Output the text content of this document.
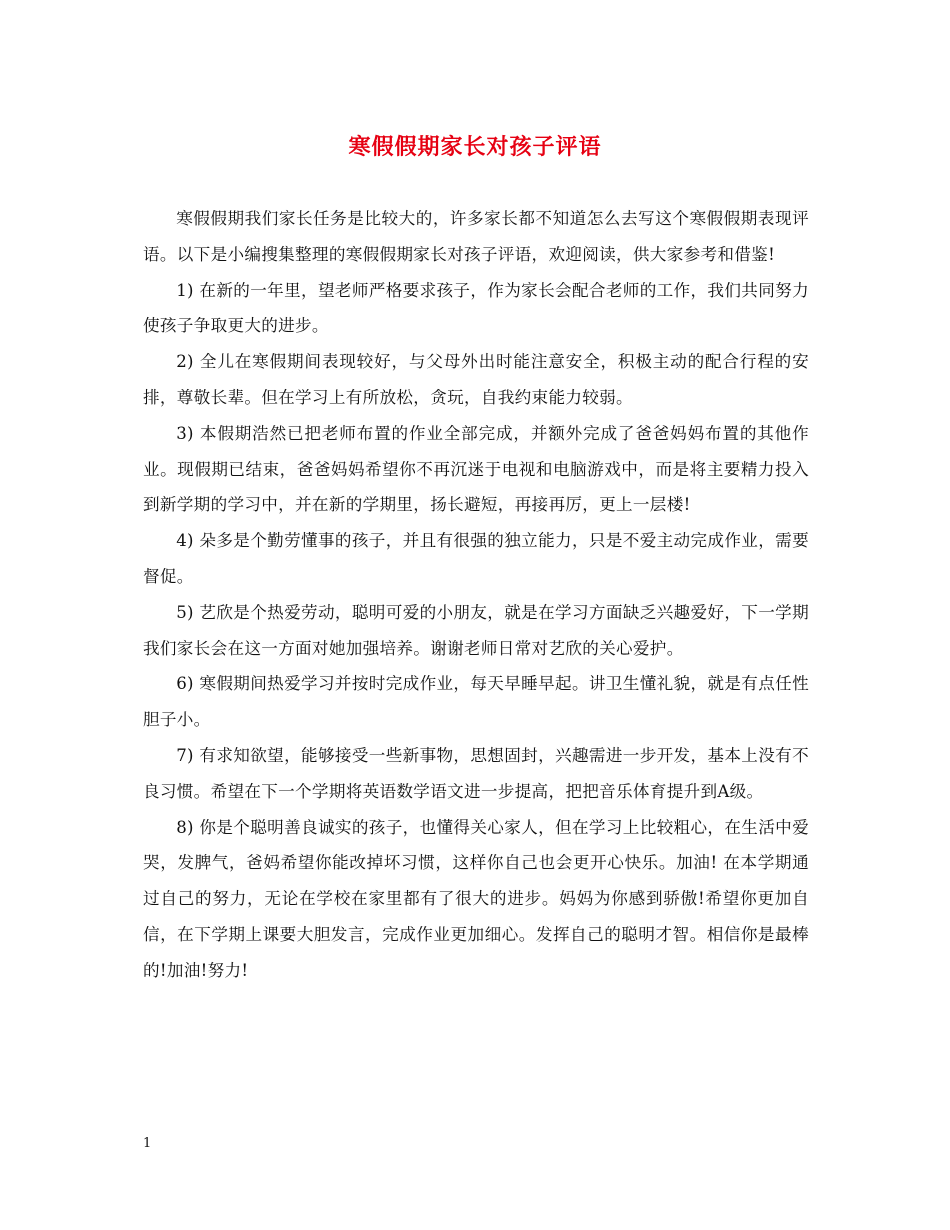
寒假假期家长对孩子评语

寒假假期我们家长任务是比较大的，许多家长都不知道怎么去写这个寒假假期表现评语。以下是小编搜集整理的寒假假期家长对孩子评语，欢迎阅读，供大家参考和借鉴!

1) 在新的一年里，望老师严格要求孩子，作为家长会配合老师的工作，我们共同努力使孩子争取更大的进步。

2) 全儿在寒假期间表现较好，与父母外出时能注意安全，积极主动的配合行程的安排，尊敬长辈。但在学习上有所放松，贪玩，自我约束能力较弱。

3) 本假期浩然已把老师布置的作业全部完成，并额外完成了爸爸妈妈布置的其他作业。现假期已结束，爸爸妈妈希望你不再沉迷于电视和电脑游戏中，而是将主要精力投入到新学期的学习中，并在新的学期里，扬长避短，再接再厉，更上一层楼!

4) 朵多是个勤劳懂事的孩子，并且有很强的独立能力，只是不爱主动完成作业，需要督促。

5) 艺欣是个热爱劳动，聪明可爱的小朋友，就是在学习方面缺乏兴趣爱好，下一学期我们家长会在这一方面对她加强培养。谢谢老师日常对艺欣的关心爱护。

6) 寒假期间热爱学习并按时完成作业，每天早睡早起。讲卫生懂礼貌，就是有点任性胆子小。

7) 有求知欲望，能够接受一些新事物，思想固封，兴趣需进一步开发，基本上没有不良习惯。希望在下一个学期将英语数学语文进一步提高，把把音乐体育提升到A级。

8) 你是个聪明善良诚实的孩子，也懂得关心家人，但在学习上比较粗心，在生活中爱哭，发脾气，爸妈希望你能改掉坏习惯，这样你自己也会更开心快乐。加油! 在本学期通过自己的努力，无论在学校在家里都有了很大的进步。妈妈为你感到骄傲!希望你更加自信，在下学期上课要大胆发言，完成作业更加细心。发挥自己的聪明才智。相信你是最棒的!加油!努力!

1
